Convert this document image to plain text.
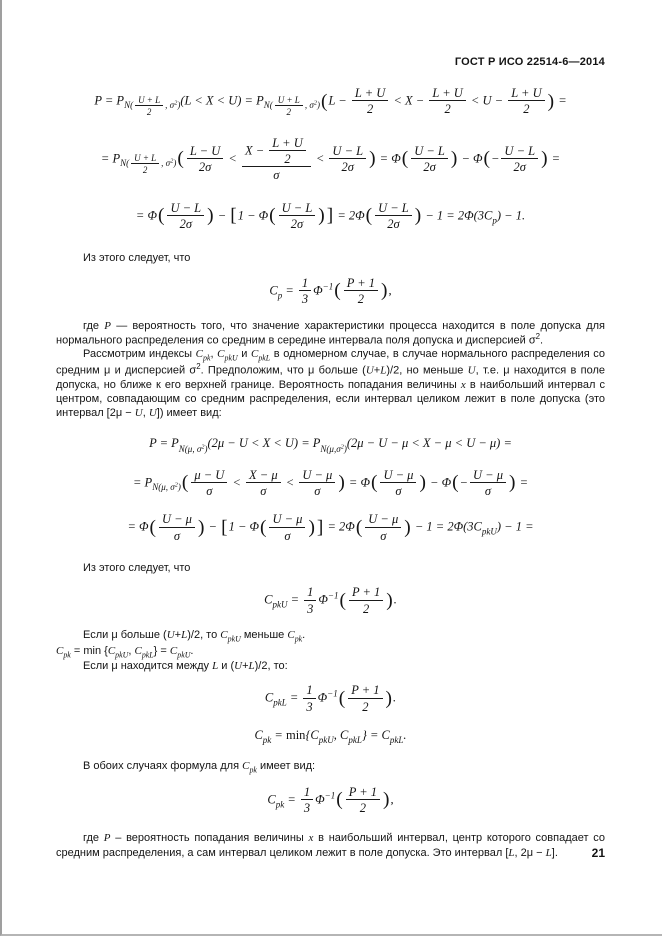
ГОСТ Р ИСО 22514-6—2014
$P = P_{N( \frac{U + L}{2} , \sigma^2)}(L < X < U) = P_{N( \frac{U + L}{2} , \sigma^2)}(L - \frac{L + U}{2} < X - \frac{L + U}{2} < U - \frac{L + U}{2}$ ) =
= $P_{N( \frac{U + L}{2} , \sigma^2)}( \frac{L - U}{2\sigma} < \frac{X - \frac{L + U}{2}}{\sigma} < \frac{U - L}{2\sigma}$ ) = $\Phi( \frac{U - L}{2\sigma}$ ) − $\Phi(- \frac{U - L}{2\sigma}$ ) =
= $\Phi( \frac{U - L}{2\sigma}$ ) − [$1 - \Phi( \frac{U - L}{2\sigma}$ ) ] = $2\Phi( \frac{U - L}{2\sigma}$ ) − $1 = 2\Phi(3C_p) - 1$.
Из этого следует, что
$C_p = \frac{1}{3} \Phi^{-1}( \frac{P + 1}{2}$ ),
где P — вероятность того, что значение характеристики процесса находится в поле допуска для нормального распределения со средним в середине интервала поля допуска и дисперсией $\sigma^2$.
Рассмотрим индексы $C_{pk}$, $C_{pkU}$ и $C_{pkL}$ в одномерном случае, в случае нормального распределения со средним μ и дисперсией $\sigma^2$. Предположим, что μ больше (U+L)/2, но меньше U, т.е. μ находится в поле допуска, но ближе к его верхней границе. Вероятность попадания величины x в наибольший интервал с центром, совпадающим со средним распределения, если интервал целиком лежит в поле допуска (это интервал [2μ − U, U]) имеет вид:
$P = P_{N(\mu, \sigma^2)}(2\mu - U < X < U) = P_{N(\mu,\sigma^2)}(2\mu - U - \mu < X - \mu < U - \mu)$ =
= $P_{N(\mu, \sigma^2)}( \frac{\mu - U}{\sigma} < \frac{X - \mu}{\sigma} < \frac{U - \mu}{\sigma}$ ) = $\Phi( \frac{U - \mu}{\sigma}$ ) − $\Phi(- \frac{U - \mu}{\sigma}$ ) =
= $\Phi( \frac{U - \mu}{\sigma}$ ) − [$1 - \Phi( \frac{U - \mu}{\sigma}$ ) ] = $2\Phi( \frac{U - \mu}{\sigma}$ ) − $1 = 2\Phi(3C_{pkU}) - 1$ =
Из этого следует, что
$C_{pkU} = \frac{1}{3} \Phi^{-1}( \frac{P + 1}{2}$ ).
Если μ больше (U+L)/2, то $C_{pkU}$ меньше $C_{pk}$.
$C_{pk} = \min \{C_{pkU}$, $C_{pkL}\} = C_{pkU}$.
Если μ находится между L и (U+L)/2, то:
$C_{pkL} = \frac{1}{3} \Phi^{-1}( \frac{P + 1}{2}$ ).
$C_{pk} = \min\{C_{pkU}$, $C_{pkL}\} = C_{pkL}$.
В обоих случаях формула для $C_{pk}$ имеет вид:
$C_{pk} = \frac{1}{3} \Phi^{-1}( \frac{P + 1}{2}$ ),
где P – вероятность попадания величины x в наибольший интервал, центр которого совпадает со средним распределения, а сам интервал целиком лежит в поле допуска. Это интервал [L, 2μ − L].	21
